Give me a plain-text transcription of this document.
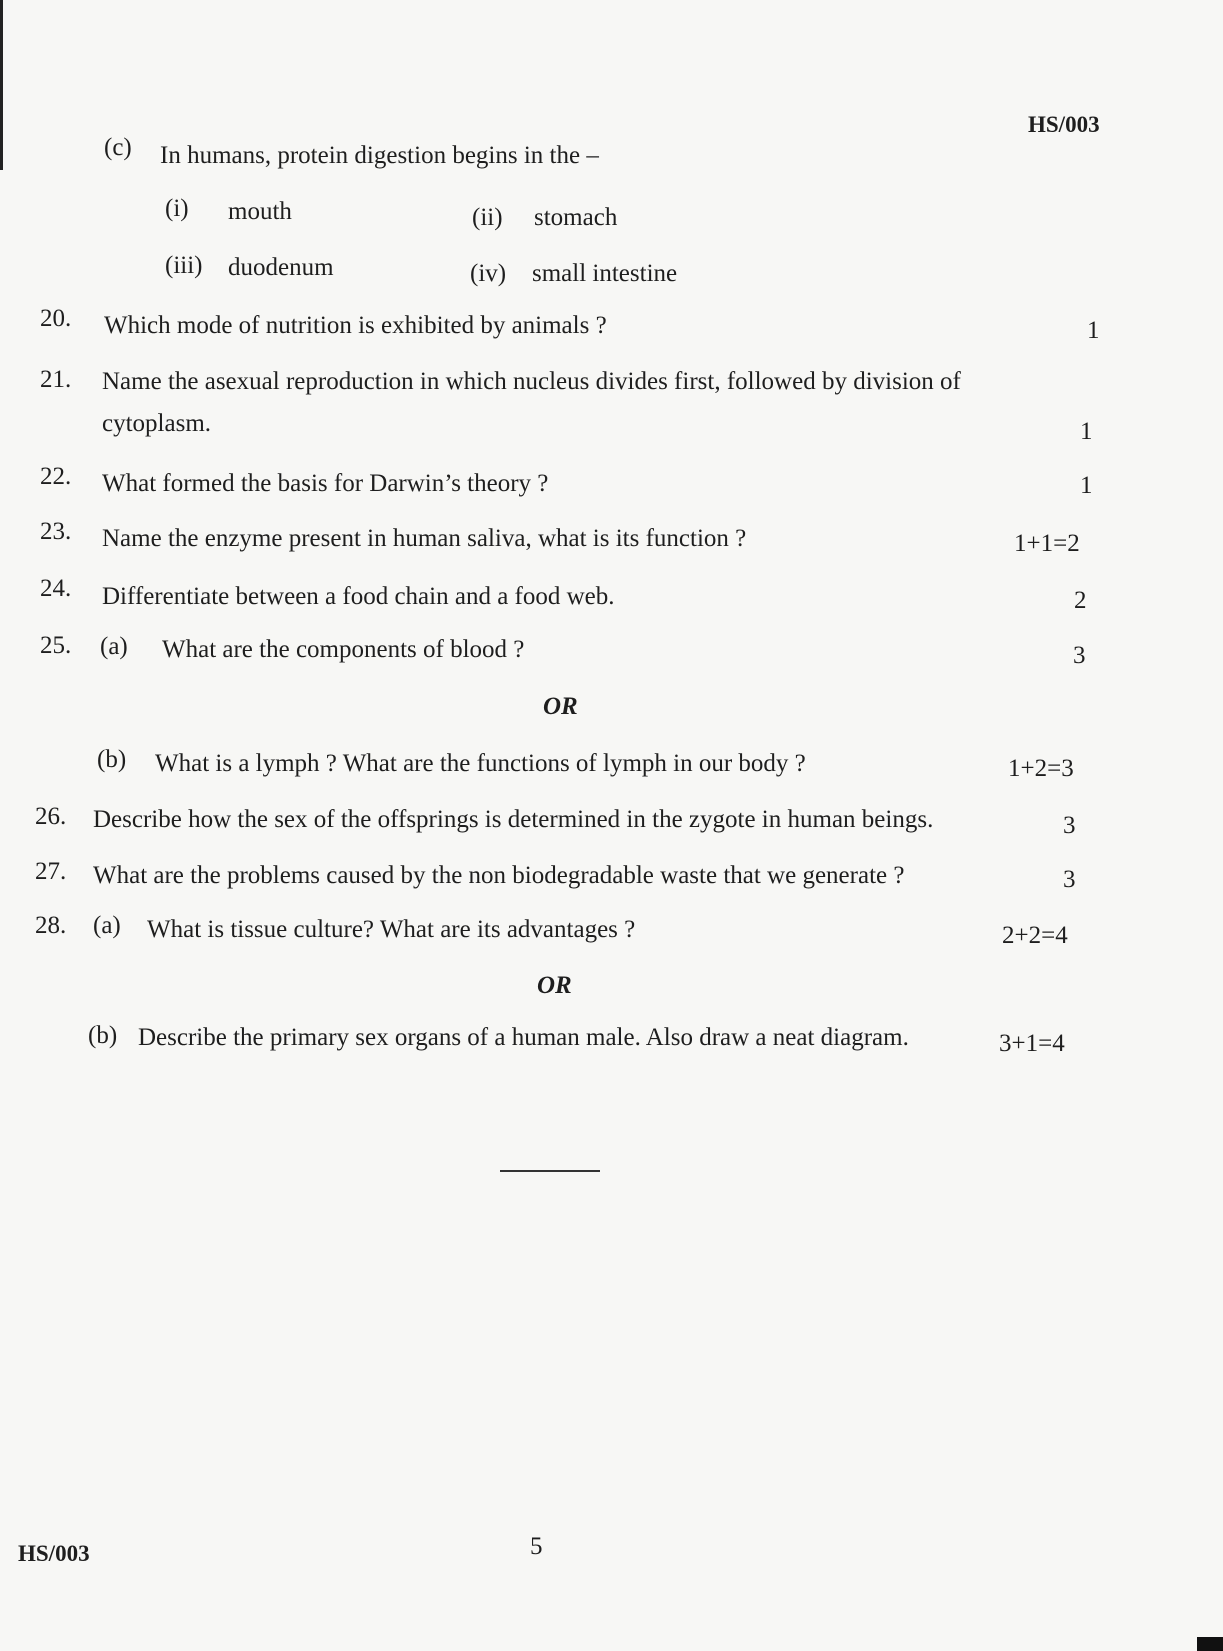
HS/003
(c) In humans, protein digestion begins in the –
(i) mouth	(ii) stomach
(iii) duodenum	(iv) small intestine
20. Which mode of nutrition is exhibited by animals ?	1
21. Name the asexual reproduction in which nucleus divides first, followed by division of
cytoplasm.	1
22. What formed the basis for Darwin’s theory ?	1
23. Name the enzyme present in human saliva, what is its function ?	1+1=2
24. Differentiate between a food chain and a food web.	2
25. (a) What are the components of blood ?	3
OR
(b) What is a lymph ? What are the functions of lymph in our body ?	1+2=3
26. Describe how the sex of the offsprings is determined in the zygote in human beings.	3
27. What are the problems caused by the non biodegradable waste that we generate ?	3
28. (a) What is tissue culture? What are its advantages ?	2+2=4
OR
(b) Describe the primary sex organs of a human male. Also draw a neat diagram.	3+1=4
HS/003	5
